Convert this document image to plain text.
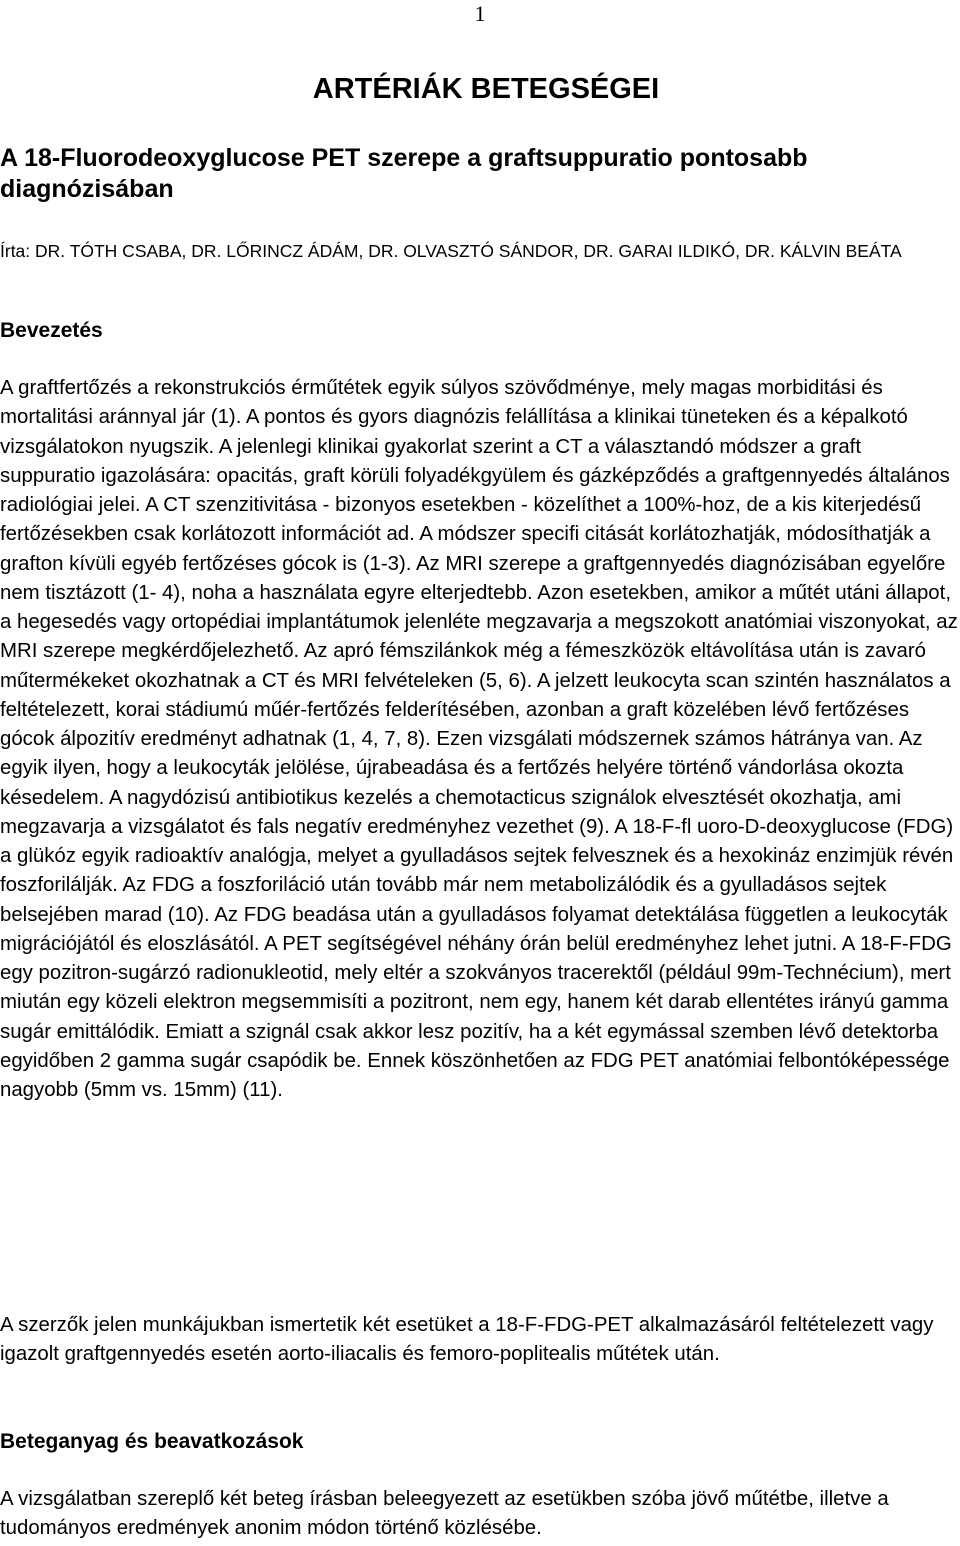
1
ARTÉRIÁK BETEGSÉGEI
A 18-Fluorodeoxyglucose PET szerepe a graftsuppuratio pontosabb diagnózisában

Írta: DR. TÓTH CSABA, DR. LŐRINCZ ÁDÁM, DR. OLVASZTÓ SÁNDOR, DR. GARAI ILDIKÓ, DR. KÁLVIN BEÁTA

Bevezetés

A graftfertőzés a rekonstrukciós érműtétek egyik súlyos szövődménye, mely magas morbiditási és mortalitási aránnyal jár (1). A pontos és gyors diagnózis felállítása a klinikai tüneteken és a képalkotó vizsgálatokon nyugszik. A jelenlegi klinikai gyakorlat szerint a CT a választandó módszer a graft suppuratio igazolására: opacitás, graft körüli folyadékgyülem és gázképződés a graftgennyedés általános radiológiai jelei. A CT szenzitivitása - bizonyos esetekben - közelíthet a 100%-hoz, de a kis kiterjedésű fertőzésekben csak korlátozott információt ad. A módszer specifi citását korlátozhatják, módosíthatják a grafton kívüli egyéb fertőzéses gócok is (1-3). Az MRI szerepe a graftgennyedés diagnózisában egyelőre nem tisztázott (1- 4), noha a használata egyre elterjedtebb. Azon esetekben, amikor a műtét utáni állapot, a hegesedés vagy ortopédiai implantátumok jelenléte megzavarja a megszokott anatómiai viszonyokat, az MRI szerepe megkérdőjelezhető. Az apró fémszilánkok még a fémeszközök eltávolítása után is zavaró műtermékeket okozhatnak a CT és MRI felvételeken (5, 6). A jelzett leukocyta scan szintén használatos a feltételezett, korai stádiumú műér-fertőzés felderítésében, azonban a graft közelében lévő fertőzéses gócok álpozitív eredményt adhatnak (1, 4, 7, 8). Ezen vizsgálati módszernek számos hátránya van. Az egyik ilyen, hogy a leukocyták jelölése, újrabeadása és a fertőzés helyére történő vándorlása okozta késedelem. A nagydózisú antibiotikus kezelés a chemotacticus szignálok elvesztését okozhatja, ami megzavarja a vizsgálatot és fals negatív eredményhez vezethet (9). A 18-F-fl uoro-D-deoxyglucose (FDG) a glükóz egyik radioaktív analógja, melyet a gyulladásos sejtek felvesznek és a hexokináz enzimjük révén foszforilálják. Az FDG a foszforiláció után tovább már nem metabolizálódik és a gyulladásos sejtek belsejében marad (10). Az FDG beadása után a gyulladásos folyamat detektálása független a leukocyták migrációjától és eloszlásától. A PET segítségével néhány órán belül eredményhez lehet jutni. A 18-F-FDG egy pozitron-sugárzó radionukleotid, mely eltér a szokványos tracerektől (például 99m-Technécium), mert miután egy közeli elektron megsemmisíti a pozitront, nem egy, hanem két darab ellentétes irányú gamma sugár emittálódik. Emiatt a szignál csak akkor lesz pozitív, ha a két egymással szemben lévő detektorba egyidőben 2 gamma sugár csapódik be. Ennek köszönhetően az FDG PET anatómiai felbontóképessége nagyobb (5mm vs. 15mm) (11).

A szerzők jelen munkájukban ismertetik két esetüket a 18-F-FDG-PET alkalmazásáról feltételezett vagy igazolt graftgennyedés esetén aorto-iliacalis és femoro-poplitealis műtétek után.

Beteganyag és beavatkozások

A vizsgálatban szereplő két beteg írásban beleegyezett az esetükben szóba jövő műtétbe, illetve a tudományos eredmények anonim módon történő közlésébe.
